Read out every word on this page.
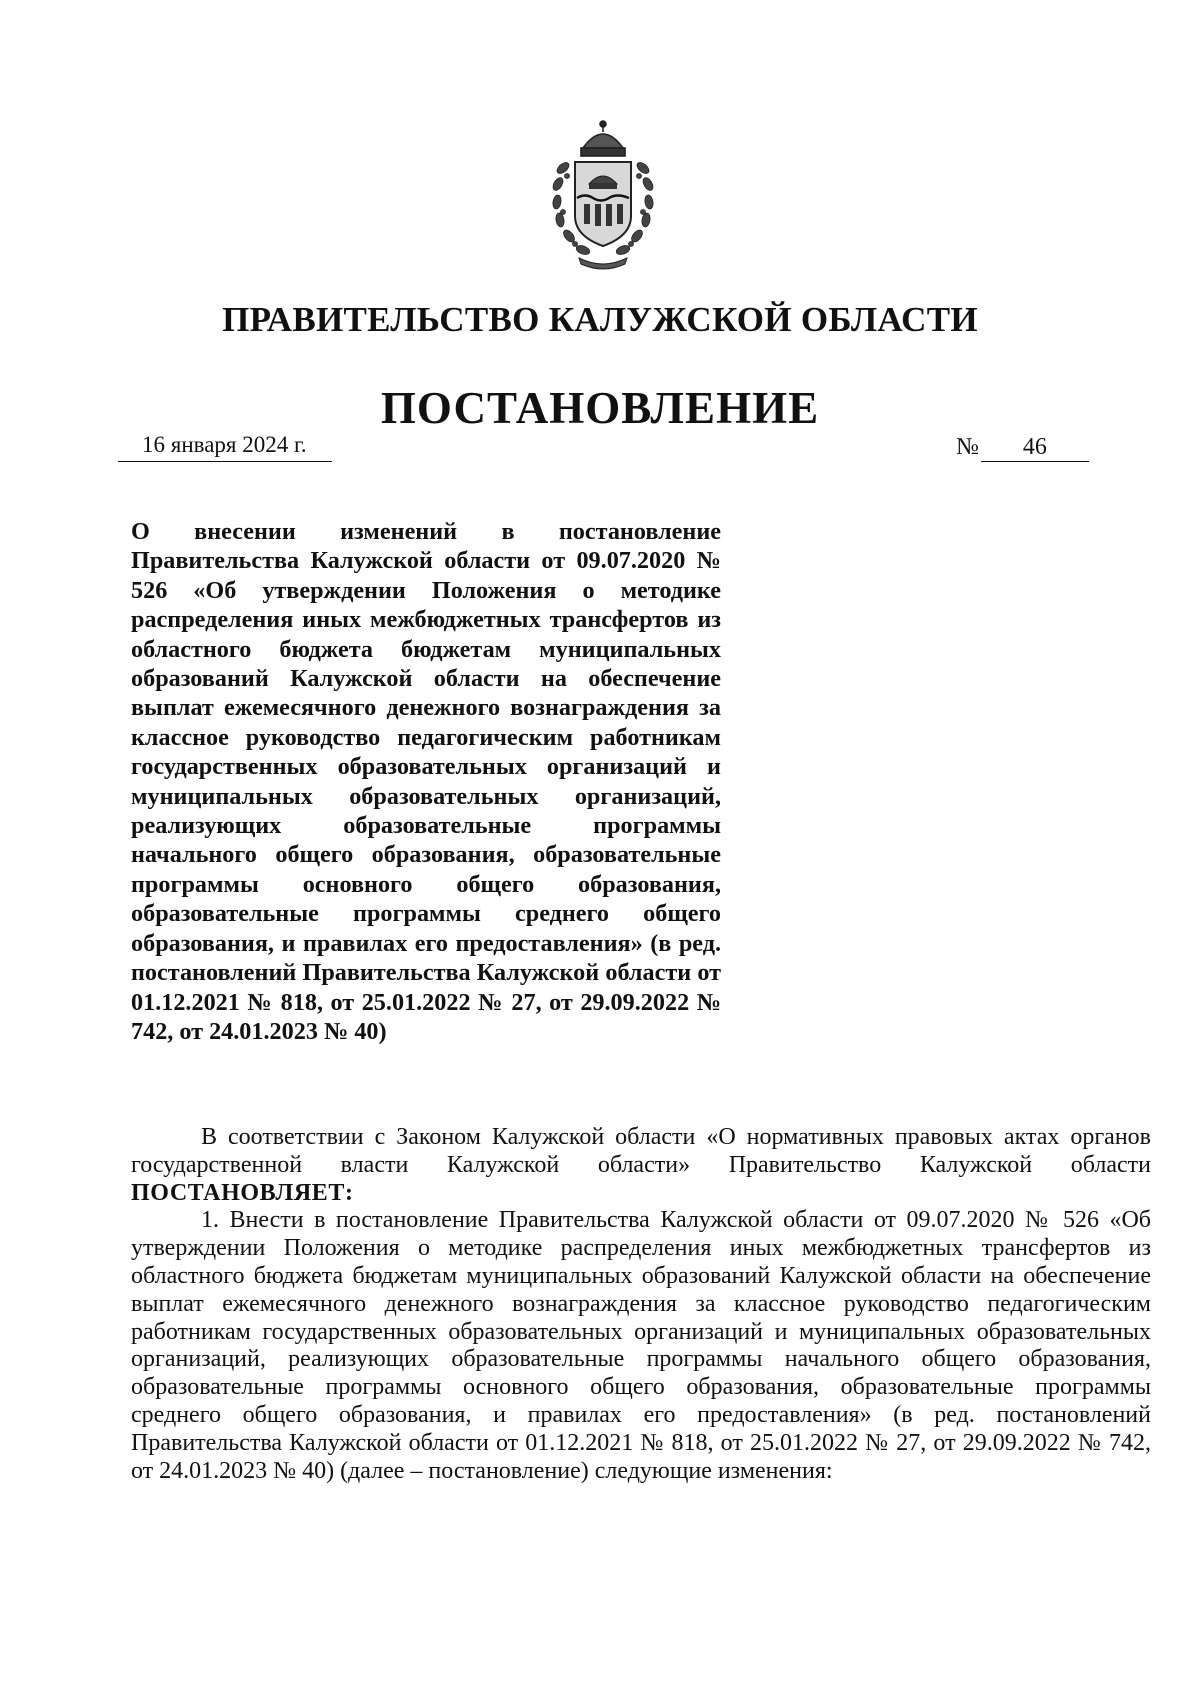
ПРАВИТЕЛЬСТВО КАЛУЖСКОЙ ОБЛАСТИ
ПОСТАНОВЛЕНИЕ
16 января 2024 г.	№ 46
О внесении изменений в постановление Правительства Калужской области от 09.07.2020 № 526 «Об утверждении Положения о методике распределения иных межбюджетных трансфертов из областного бюджета бюджетам муниципальных образований Калужской области на обеспечение выплат ежемесячного денежного вознаграждения за классное руководство педагогическим работникам государственных образовательных организаций и муниципальных образовательных организаций, реализующих образовательные программы начального общего образования, образовательные программы основного общего образования, образовательные программы среднего общего образования, и правилах его предоставления» (в ред. постановлений Правительства Калужской области от 01.12.2021 № 818, от 25.01.2022 № 27, от 29.09.2022 № 742, от 24.01.2023 № 40)

В соответствии с Законом Калужской области «О нормативных правовых актах органов государственной власти Калужской области» Правительство Калужской области ПОСТАНОВЛЯЕТ:

1. Внести в постановление Правительства Калужской области от 09.07.2020 № 526 «Об утверждении Положения о методике распределения иных межбюджетных трансфертов из областного бюджета бюджетам муниципальных образований Калужской области на обеспечение выплат ежемесячного денежного вознаграждения за классное руководство педагогическим работникам государственных образовательных организаций и муниципальных образовательных организаций, реализующих образовательные программы начального общего образования, образовательные программы основного общего образования, образовательные программы среднего общего образования, и правилах его предоставления» (в ред. постановлений Правительства Калужской области от 01.12.2021 № 818, от 25.01.2022 № 27, от 29.09.2022 № 742, от 24.01.2023 № 40) (далее – постановление) следующие изменения:
